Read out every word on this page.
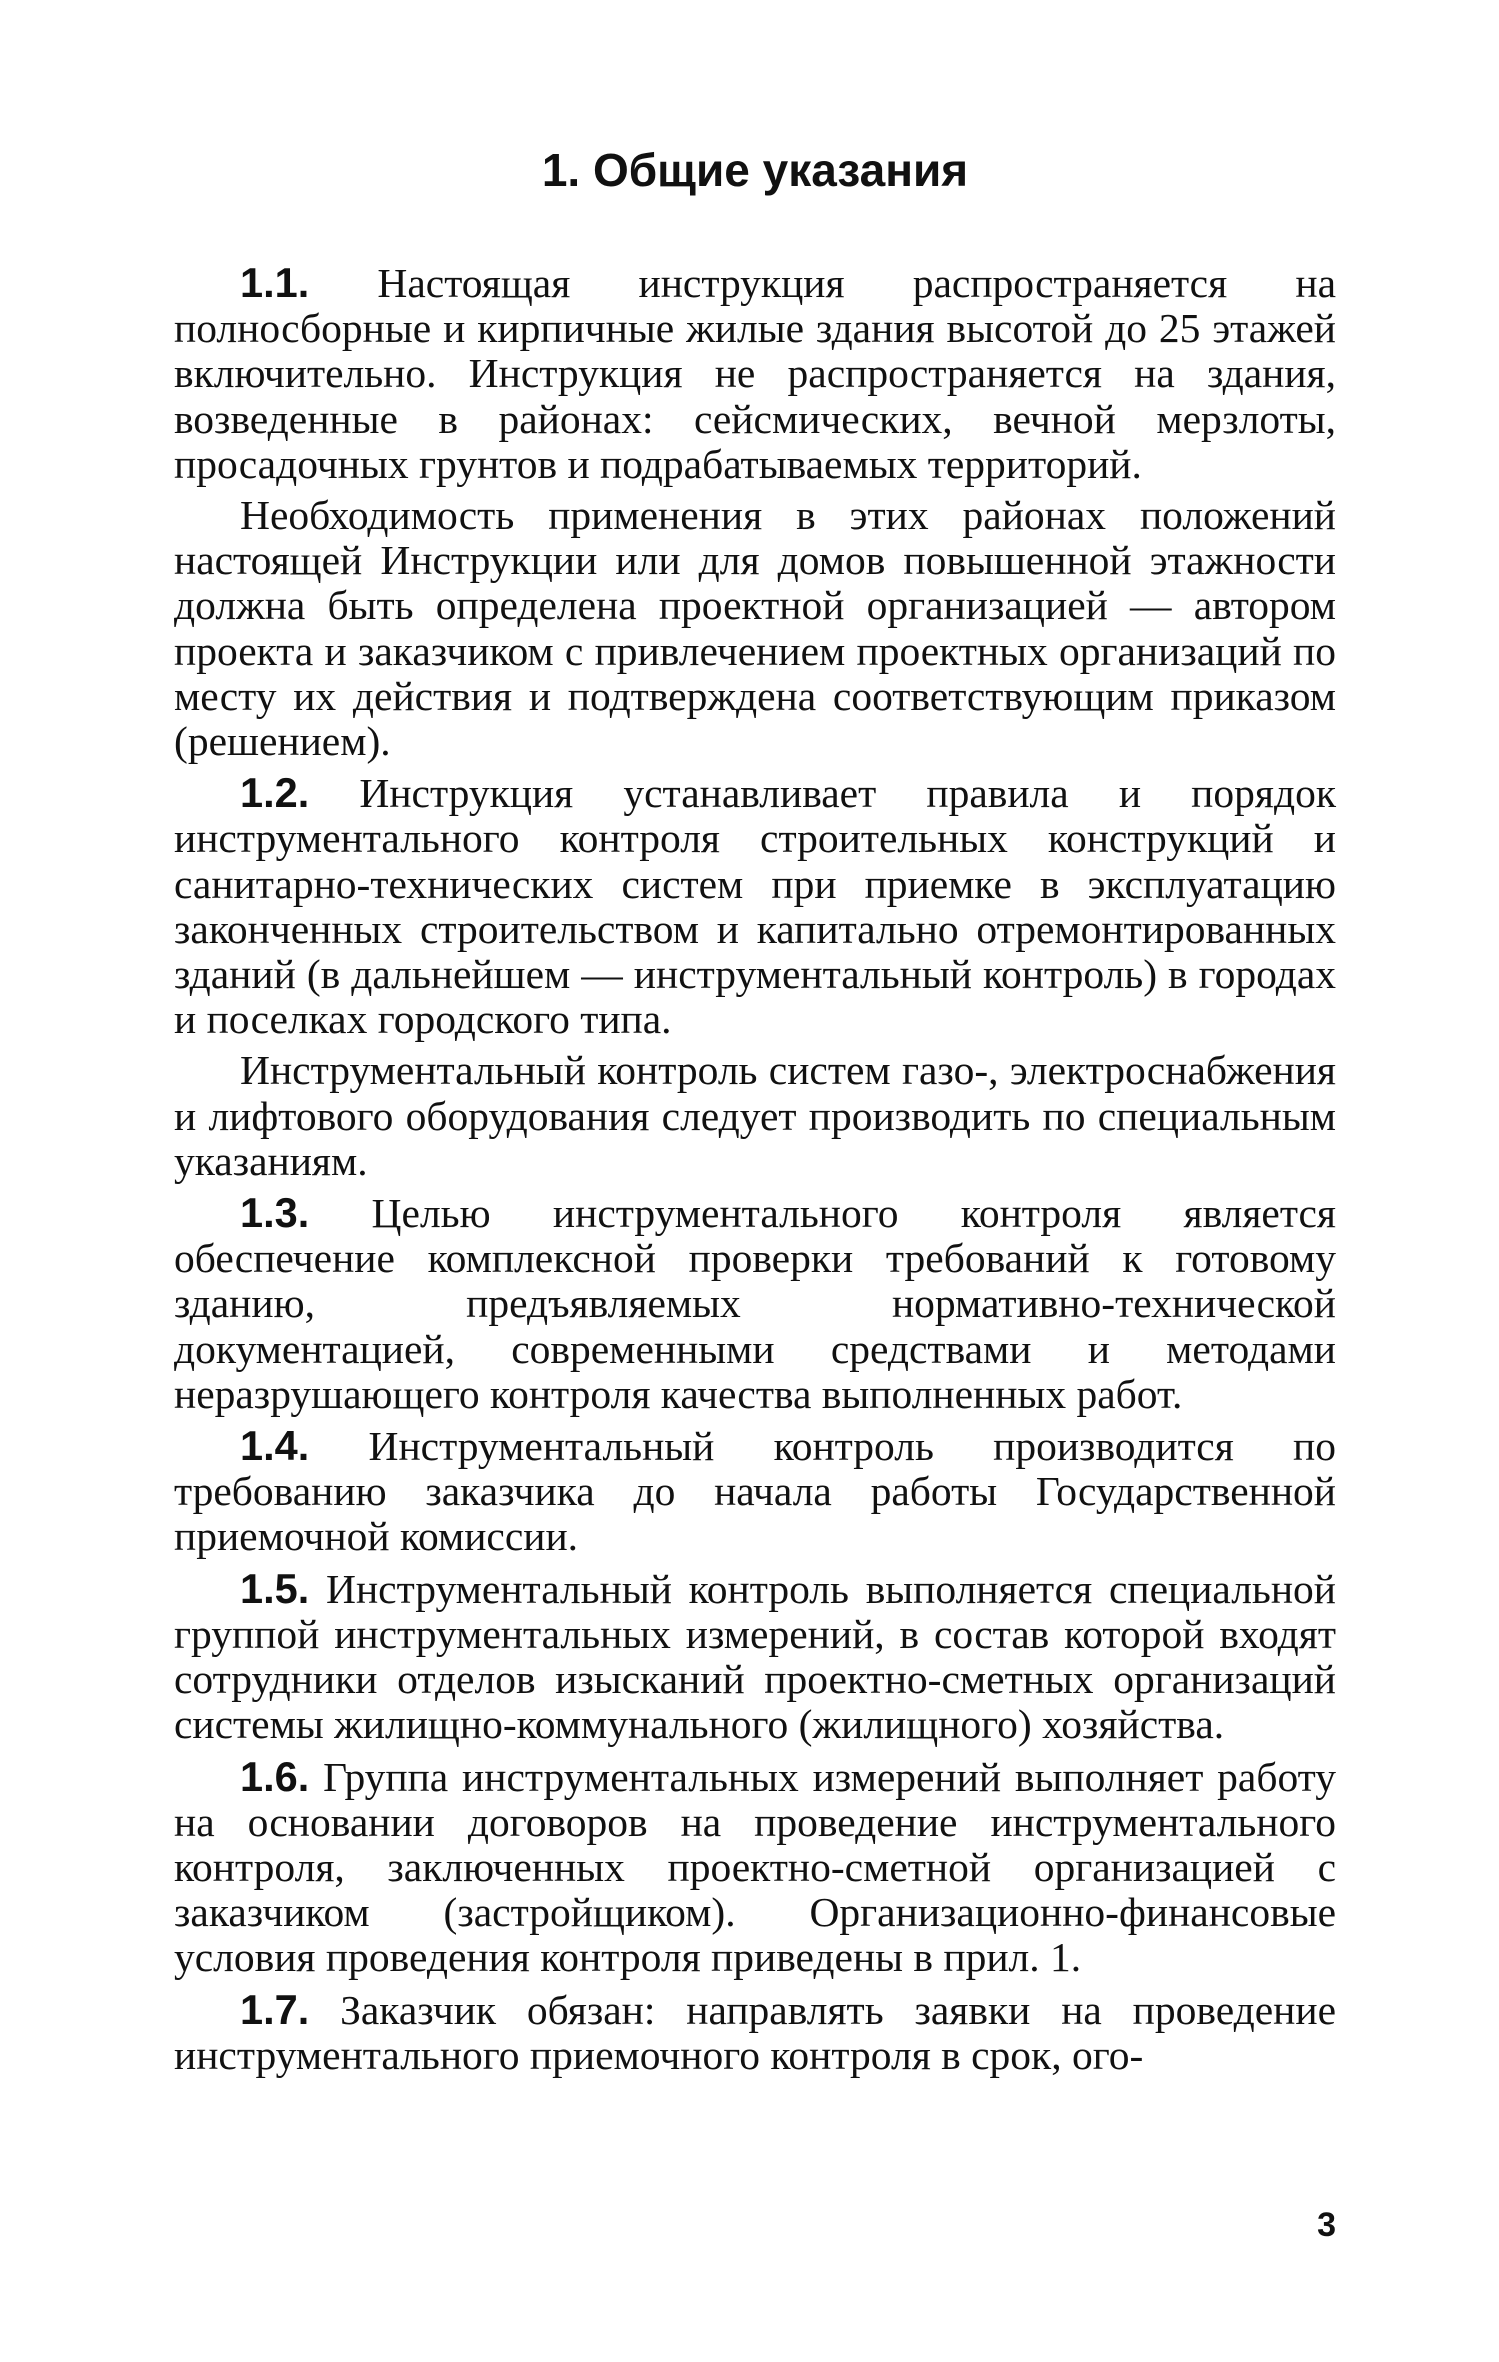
1. Общие указания

1.1. Настоящая инструкция распространяется на полносборные и кирпичные жилые здания высотой до 25 этажей включительно. Инструкция не распространяется на здания, возведенные в районах: сейсмических, вечной мерзлоты, просадочных грунтов и подрабатываемых территорий.

Необходимость применения в этих районах положений настоящей Инструкции или для домов повышенной этажности должна быть определена проектной организацией — автором проекта и заказчиком с привлечением проектных организаций по месту их действия и подтверждена соответствующим приказом (решением).

1.2. Инструкция устанавливает правила и порядок инструментального контроля строительных конструкций и санитарно-технических систем при приемке в эксплуатацию законченных строительством и капитально отремонтированных зданий (в дальнейшем — инструментальный контроль) в городах и поселках городского типа.

Инструментальный контроль систем газо-, электроснабжения и лифтового оборудования следует производить по специальным указаниям.

1.3. Целью инструментального контроля является обеспечение комплексной проверки требований к готовому зданию, предъявляемых нормативно-технической документацией, современными средствами и методами неразрушающего контроля качества выполненных работ.

1.4. Инструментальный контроль производится по требованию заказчика до начала работы Государственной приемочной комиссии.

1.5. Инструментальный контроль выполняется специальной группой инструментальных измерений, в состав которой входят сотрудники отделов изысканий проектно-сметных организаций системы жилищно-коммунального (жилищного) хозяйства.

1.6. Группа инструментальных измерений выполняет работу на основании договоров на проведение инструментального контроля, заключенных проектно-сметной организацией с заказчиком (застройщиком). Организационно-финансовые условия проведения контроля приведены в прил. 1.

1.7. Заказчик обязан: направлять заявки на проведение инструментального приемочного контроля в срок, ого-

3
